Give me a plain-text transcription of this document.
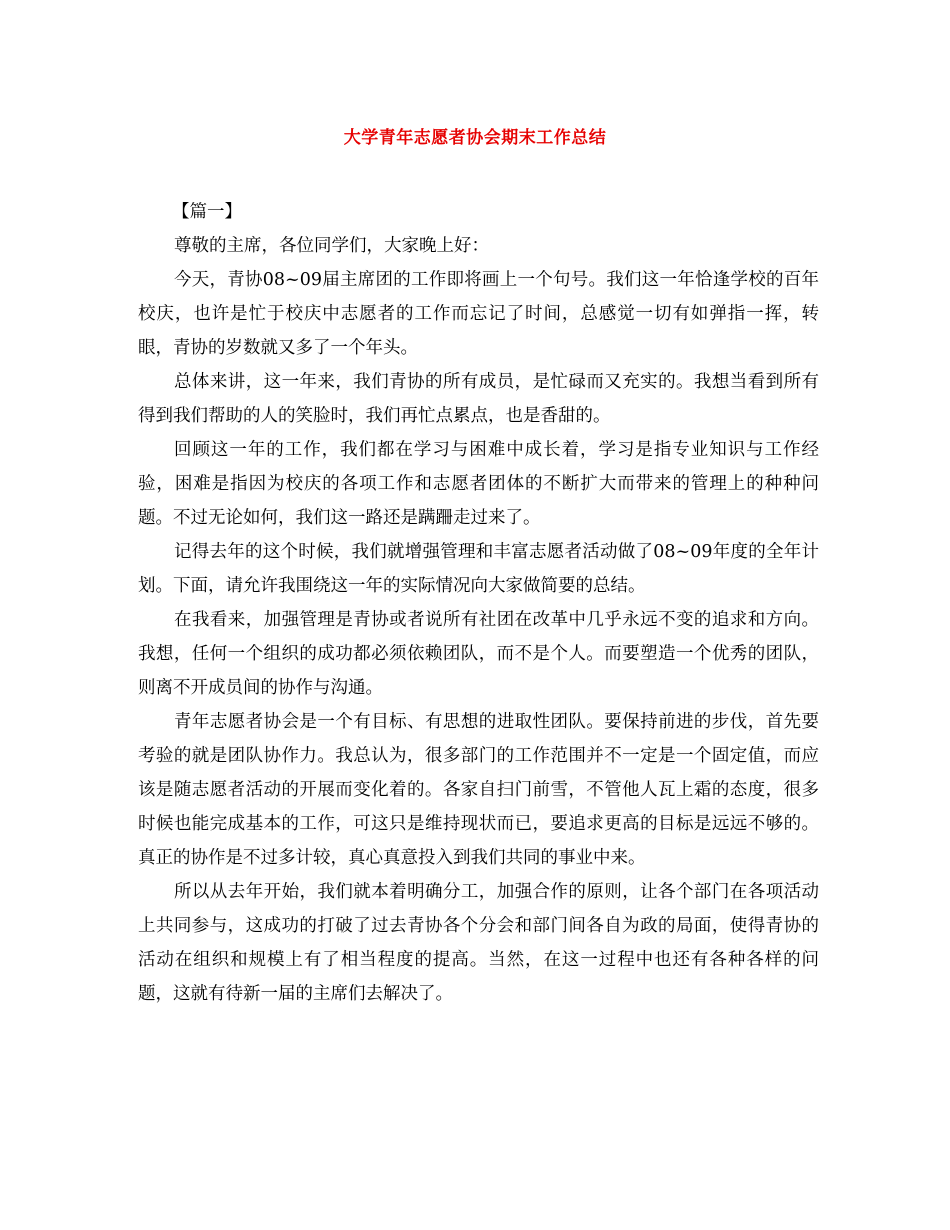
大学青年志愿者协会期末工作总结

【篇一】

尊敬的主席，各位同学们，大家晚上好：

今天，青协08~09届主席团的工作即将画上一个句号。我们这一年恰逢学校的百年校庆，也许是忙于校庆中志愿者的工作而忘记了时间，总感觉一切有如弹指一挥，转眼，青协的岁数就又多了一个年头。

总体来讲，这一年来，我们青协的所有成员，是忙碌而又充实的。我想当看到所有得到我们帮助的人的笑脸时，我们再忙点累点，也是香甜的。

回顾这一年的工作，我们都在学习与困难中成长着，学习是指专业知识与工作经验，困难是指因为校庆的各项工作和志愿者团体的不断扩大而带来的管理上的种种问题。不过无论如何，我们这一路还是蹒跚走过来了。

记得去年的这个时候，我们就增强管理和丰富志愿者活动做了08~09年度的全年计划。下面，请允许我围绕这一年的实际情况向大家做简要的总结。

在我看来，加强管理是青协或者说所有社团在改革中几乎永远不变的追求和方向。我想，任何一个组织的成功都必须依赖团队，而不是个人。而要塑造一个优秀的团队，则离不开成员间的协作与沟通。

青年志愿者协会是一个有目标、有思想的进取性团队。要保持前进的步伐，首先要考验的就是团队协作力。我总认为，很多部门的工作范围并不一定是一个固定值，而应该是随志愿者活动的开展而变化着的。各家自扫门前雪，不管他人瓦上霜的态度，很多时候也能完成基本的工作，可这只是维持现状而已，要追求更高的目标是远远不够的。真正的协作是不过多计较，真心真意投入到我们共同的事业中来。

所以从去年开始，我们就本着明确分工，加强合作的原则，让各个部门在各项活动上共同参与，这成功的打破了过去青协各个分会和部门间各自为政的局面，使得青协的活动在组织和规模上有了相当程度的提高。当然，在这一过程中也还有各种各样的问题，这就有待新一届的主席们去解决了。
